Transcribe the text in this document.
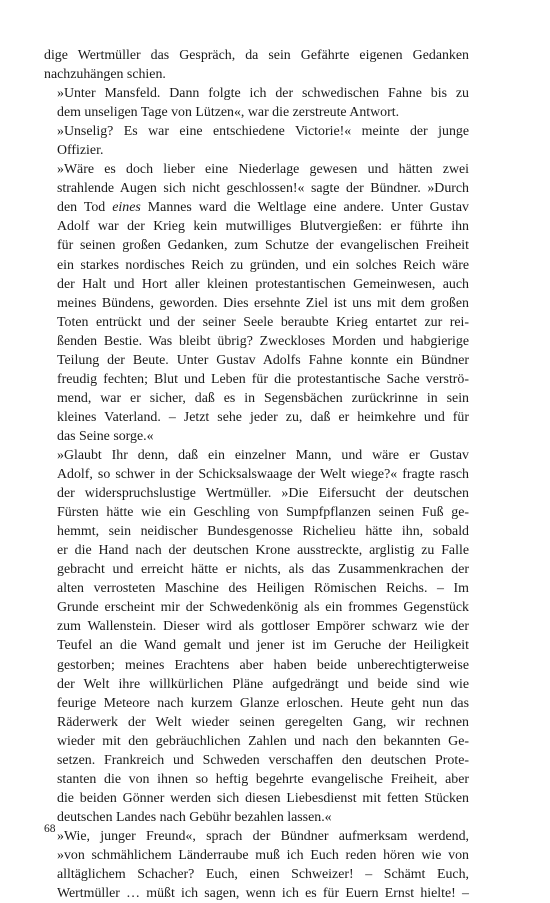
dige Wertmüller das Gespräch, da sein Gefährte eigenen Gedanken
nachzuhängen schien.

»Unter Mansfeld. Dann folgte ich der schwedischen Fahne bis zu
dem unseligen Tage von Lützen«, war die zerstreute Antwort.

»Unselig? Es war eine entschiedene Victorie!« meinte der junge
Offizier.

»Wäre es doch lieber eine Niederlage gewesen und hätten zwei
strahlende Augen sich nicht geschlossen!« sagte der Bündner. »Durch
den Tod eines Mannes ward die Weltlage eine andere. Unter Gustav
Adolf war der Krieg kein mutwilliges Blutvergießen: er führte ihn
für seinen großen Gedanken, zum Schutze der evangelischen Freiheit
ein starkes nordisches Reich zu gründen, und ein solches Reich wäre
der Halt und Hort aller kleinen protestantischen Gemeinwesen, auch
meines Bündens, geworden. Dies ersehnte Ziel ist uns mit dem großen
Toten entrückt und der seiner Seele beraubte Krieg entartet zur rei-
ßenden Bestie. Was bleibt übrig? Zweckloses Morden und habgierige
Teilung der Beute. Unter Gustav Adolfs Fahne konnte ein Bündner
freudig fechten; Blut und Leben für die protestantische Sache verströ-
mend, war er sicher, daß es in Segensbächen zurückrinne in sein
kleines Vaterland. – Jetzt sehe jeder zu, daß er heimkehre und für
das Seine sorge.«

»Glaubt Ihr denn, daß ein einzelner Mann, und wäre er Gustav
Adolf, so schwer in der Schicksalswaage der Welt wiege?« fragte rasch
der widerspruchslustige Wertmüller. »Die Eifersucht der deutschen
Fürsten hätte wie ein Geschling von Sumpfpflanzen seinen Fuß ge-
hemmt, sein neidischer Bundesgenosse Richelieu hätte ihn, sobald
er die Hand nach der deutschen Krone ausstreckte, arglistig zu Falle
gebracht und erreicht hätte er nichts, als das Zusammenkrachen der
alten verrosteten Maschine des Heiligen Römischen Reichs. – Im
Grunde erscheint mir der Schwedenkönig als ein frommes Gegenstück
zum Wallenstein. Dieser wird als gottloser Empörer schwarz wie der
Teufel an die Wand gemalt und jener ist im Geruche der Heiligkeit
gestorben; meines Erachtens aber haben beide unberechtigterweise
der Welt ihre willkürlichen Pläne aufgedrängt und beide sind wie
feurige Meteore nach kurzem Glanze erloschen. Heute geht nun das
Räderwerk der Welt wieder seinen geregelten Gang, wir rechnen
wieder mit den gebräuchlichen Zahlen und nach den bekannten Ge-
setzen. Frankreich und Schweden verschaffen den deutschen Prote-
stanten die von ihnen so heftig begehrte evangelische Freiheit, aber
die beiden Gönner werden sich diesen Liebesdienst mit fetten Stücken
deutschen Landes nach Gebühr bezahlen lassen.«

»Wie, junger Freund«, sprach der Bündner aufmerksam werdend,
»von schmählichem Länderraube muß ich Euch reden hören wie von
alltäglichem Schacher? Euch, einen Schweizer! – Schämt Euch,
Wertmüller … müßt ich sagen, wenn ich es für Euern Ernst hielte! –

68
